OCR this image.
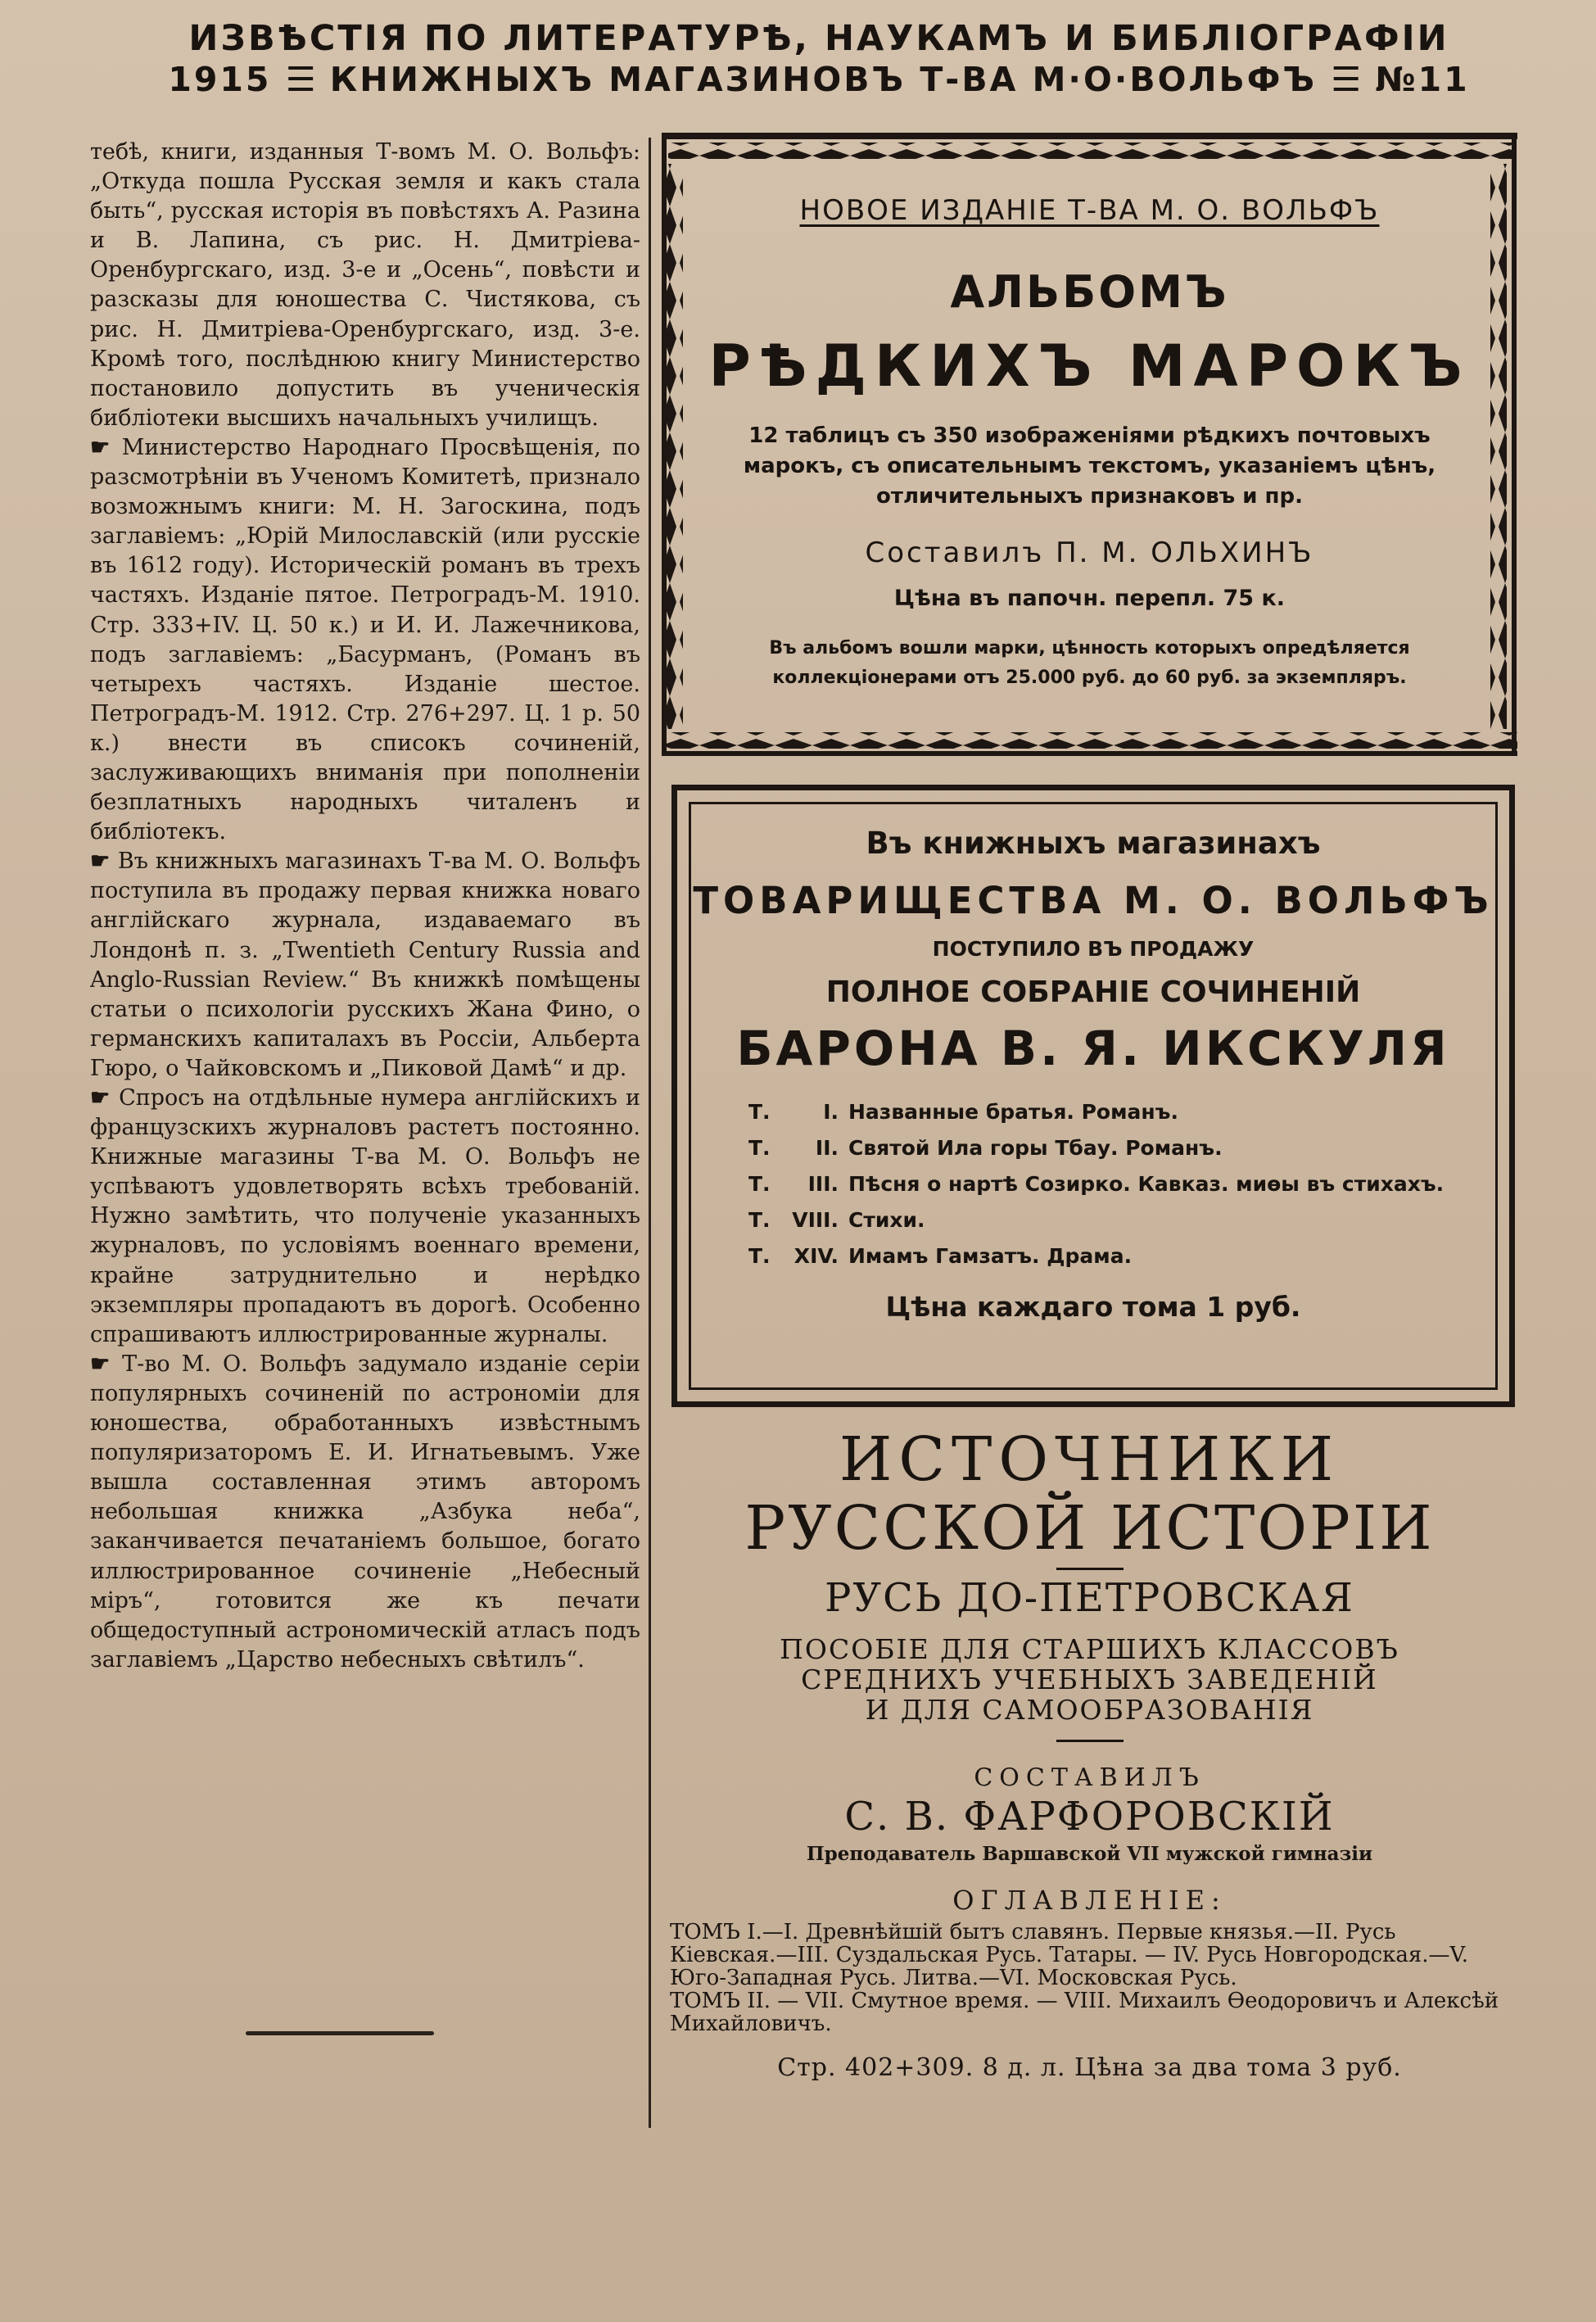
ИЗВѢСТІЯ ПО ЛИТЕРАТУРѢ, НАУКАМЪ И БИБЛІОГРАФІИ
1915 ☰ КНИЖНЫХЪ МАГАЗИНОВЪ Т-ВА М·О·ВОЛЬФЪ ☰ №11

тебѣ, книги, изданныя Т-вомъ М. О. Вольфъ: „Откуда пошла Русская земля и какъ стала быть“, русская исторія въ повѣстяхъ А. Разина и В. Лапина, съ рис. Н. Дмитріева-Оренбургскаго, изд. 3-е и „Осень“, повѣсти и разсказы для юношества С. Чистякова, съ рис. Н. Дмитріева-Оренбургскаго, изд. 3-е. Кромѣ того, послѣднюю книгу Министерство постановило допустить въ ученическія библіотеки высшихъ начальныхъ училищъ.

☛ Министерство Народнаго Просвѣщенія, по разсмотрѣніи въ Ученомъ Комитетѣ, признало возможнымъ книги: М. Н. Загоскина, подъ заглавіемъ: „Юрій Милославскій (или русскіе въ 1612 году). Историческій романъ въ трехъ частяхъ. Изданіе пятое. Петроградъ-М. 1910. Стр. 333+IV. Ц. 50 к.) и И. И. Лажечникова, подъ заглавіемъ: „Басурманъ, (Романъ въ четырехъ частяхъ. Изданіе шестое. Петроградъ-М. 1912. Стр. 276+297. Ц. 1 р. 50 к.) внести въ списокъ сочиненій, заслуживающихъ вниманія при пополненіи безплатныхъ народныхъ читаленъ и библіотекъ.

☛ Въ книжныхъ магазинахъ Т-ва М. О. Вольфъ поступила въ продажу первая книжка новаго англійскаго журнала, издаваемаго въ Лондонѣ п. з. „Twentieth Century Russia and Anglo-Russian Review.“ Въ книжкѣ помѣщены статьи о психологіи русскихъ Жана Фино, о германскихъ капиталахъ въ Россіи, Альберта Гюро, о Чайковскомъ и „Пиковой Дамѣ“ и др.

☛ Спросъ на отдѣльные нумера англійскихъ и французскихъ журналовъ растетъ постоянно. Книжные магазины Т-ва М. О. Вольфъ не успѣваютъ удовлетворять всѣхъ требованій. Нужно замѣтить, что полученіе указанныхъ журналовъ, по условіямъ военнаго времени, крайне затруднительно и нерѣдко экземпляры пропадаютъ въ дорогѣ. Особенно спрашиваютъ иллюстрированные журналы.

☛ Т-во М. О. Вольфъ задумало изданіе серіи популярныхъ сочиненій по астрономіи для юношества, обработанныхъ извѣстнымъ популяризаторомъ Е. И. Игнатьевымъ. Уже вышла составленная этимъ авторомъ небольшая книжка „Азбука неба“, заканчивается печатаніемъ большое, богато иллюстрированное сочиненіе „Небесный міръ“, готовится же къ печати общедоступный астрономическій атласъ подъ заглавіемъ „Царство небесныхъ свѣтилъ“.

НОВОЕ ИЗДАНІЕ Т-ВА М. О. ВОЛЬФЪ
АЛЬБОМЪ
РѢДКИХЪ МАРОКЪ
12 таблицъ съ 350 изображеніями рѣдкихъ почтовыхъ марокъ, съ описательнымъ текстомъ, указаніемъ цѣнъ, отличительныхъ признаковъ и пр.
Составилъ П. М. ОЛЬХИНЪ
Цѣна въ папочн. перепл. 75 к.
Въ альбомъ вошли марки, цѣнность которыхъ опредѣляется коллекціонерами отъ 25.000 руб. до 60 руб. за экземпляръ.
Въ книжныхъ магазинахъ
ТОВАРИЩЕСТВА М. О. ВОЛЬФЪ
ПОСТУПИЛО ВЪ ПРОДАЖУ
ПОЛНОЕ СОБРАНІЕ СОЧИНЕНІЙ
БАРОНА В. Я. ИКСКУЛЯ
Т.	I. Названные братья. Романъ.
Т.	II. Святой Ила горы Тбау. Романъ.
Т.	III. Пѣсня о нартѣ Созирко. Кавказ. миѳы въ стихахъ.
Т.	VIII. Стихи.
Т.	XIV. Имамъ Гамзатъ. Драма.
Цѣна каждаго тома 1 руб.
ИСТОЧНИКИ
РУССКОЙ ИСТОРІИ
РУСЬ ДО-ПЕТРОВСКАЯ
ПОСОБІЕ ДЛЯ СТАРШИХЪ КЛАССОВЪ
СРЕДНИХЪ УЧЕБНЫХЪ ЗАВЕДЕНІЙ
И ДЛЯ САМООБРАЗОВАНІЯ
СОСТАВИЛЪ
С. В. ФАРФОРОВСКІЙ
Преподаватель Варшавской VII мужской гимназіи
ОГЛАВЛЕНІЕ:
ТОМЪ I.—I. Древнѣйшій бытъ славянъ. Первые князья.—II. Русь Кіевская.—III. Суздальская Русь. Татары. — IV. Русь Новгородская.—V. Юго-Западная Русь. Литва.—VI. Московская Русь.
ТОМЪ II. — VII. Смутное время. — VIII. Михаилъ Ѳеодоровичъ и Алексѣй Михайловичъ.
Стр. 402+309. 8 д. л. Цѣна за два тома 3 руб.
